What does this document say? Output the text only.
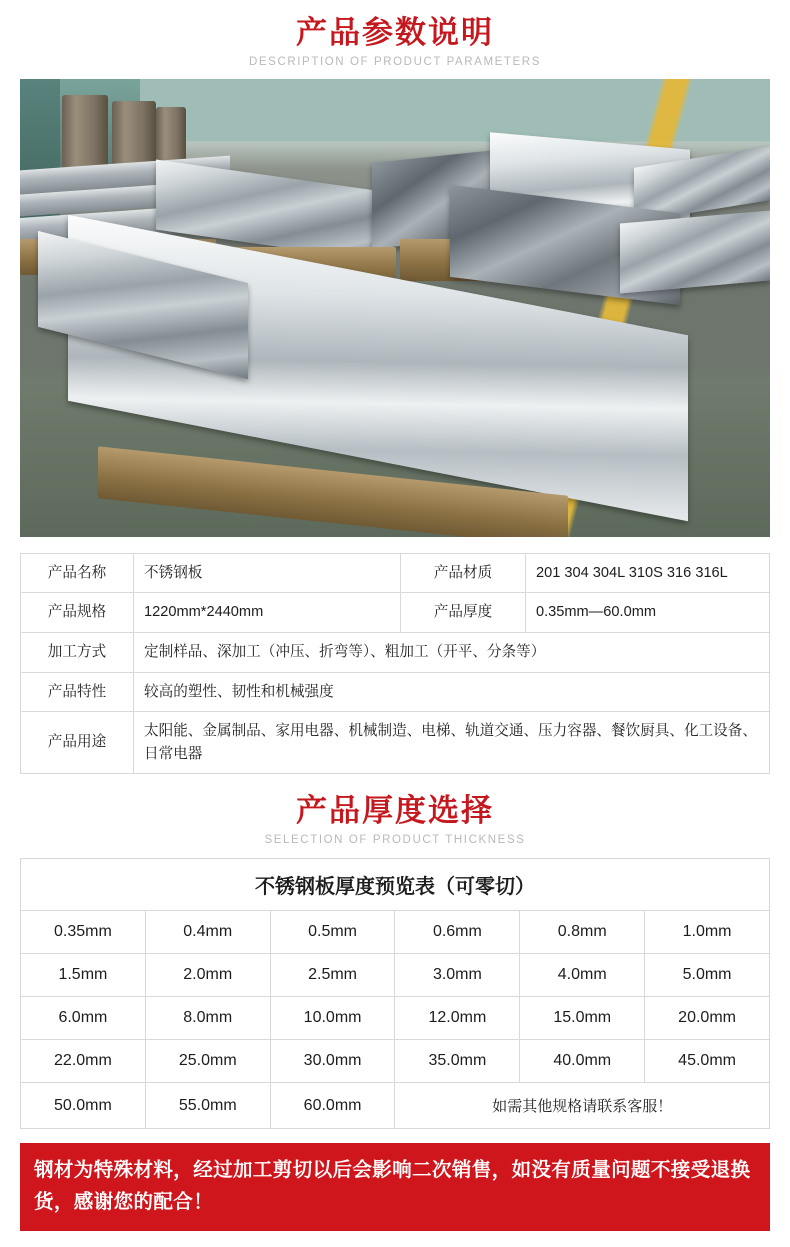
产品参数说明
DESCRIPTION OF PRODUCT PARAMETERS
产品名称	不锈钢板	产品材质	201 304 304L 310S 316 316L
产品规格	1220mm*2440mm	产品厚度	0.35mm—60.0mm
加工方式	定制样品、深加工（冲压、折弯等）、粗加工（开平、分条等）		
产品特性	较高的塑性、韧性和机械强度		
产品用途	太阳能、金属制品、家用电器、机械制造、电梯、轨道交通、压力容器、餐饮厨具、化工设备、日常电器		
产品厚度选择
SELECTION OF PRODUCT THICKNESS
不锈钢板厚度预览表（可零切）					
0.35mm	0.4mm	0.5mm	0.6mm	0.8mm	1.0mm
1.5mm	2.0mm	2.5mm	3.0mm	4.0mm	5.0mm
6.0mm	8.0mm	10.0mm	12.0mm	15.0mm	20.0mm
22.0mm	25.0mm	30.0mm	35.0mm	40.0mm	45.0mm
50.0mm	55.0mm	60.0mm	如需其他规格请联系客服！		
钢材为特殊材料，经过加工剪切以后会影响二次销售，如没有质量问题不接受退换货，感谢您的配合！
